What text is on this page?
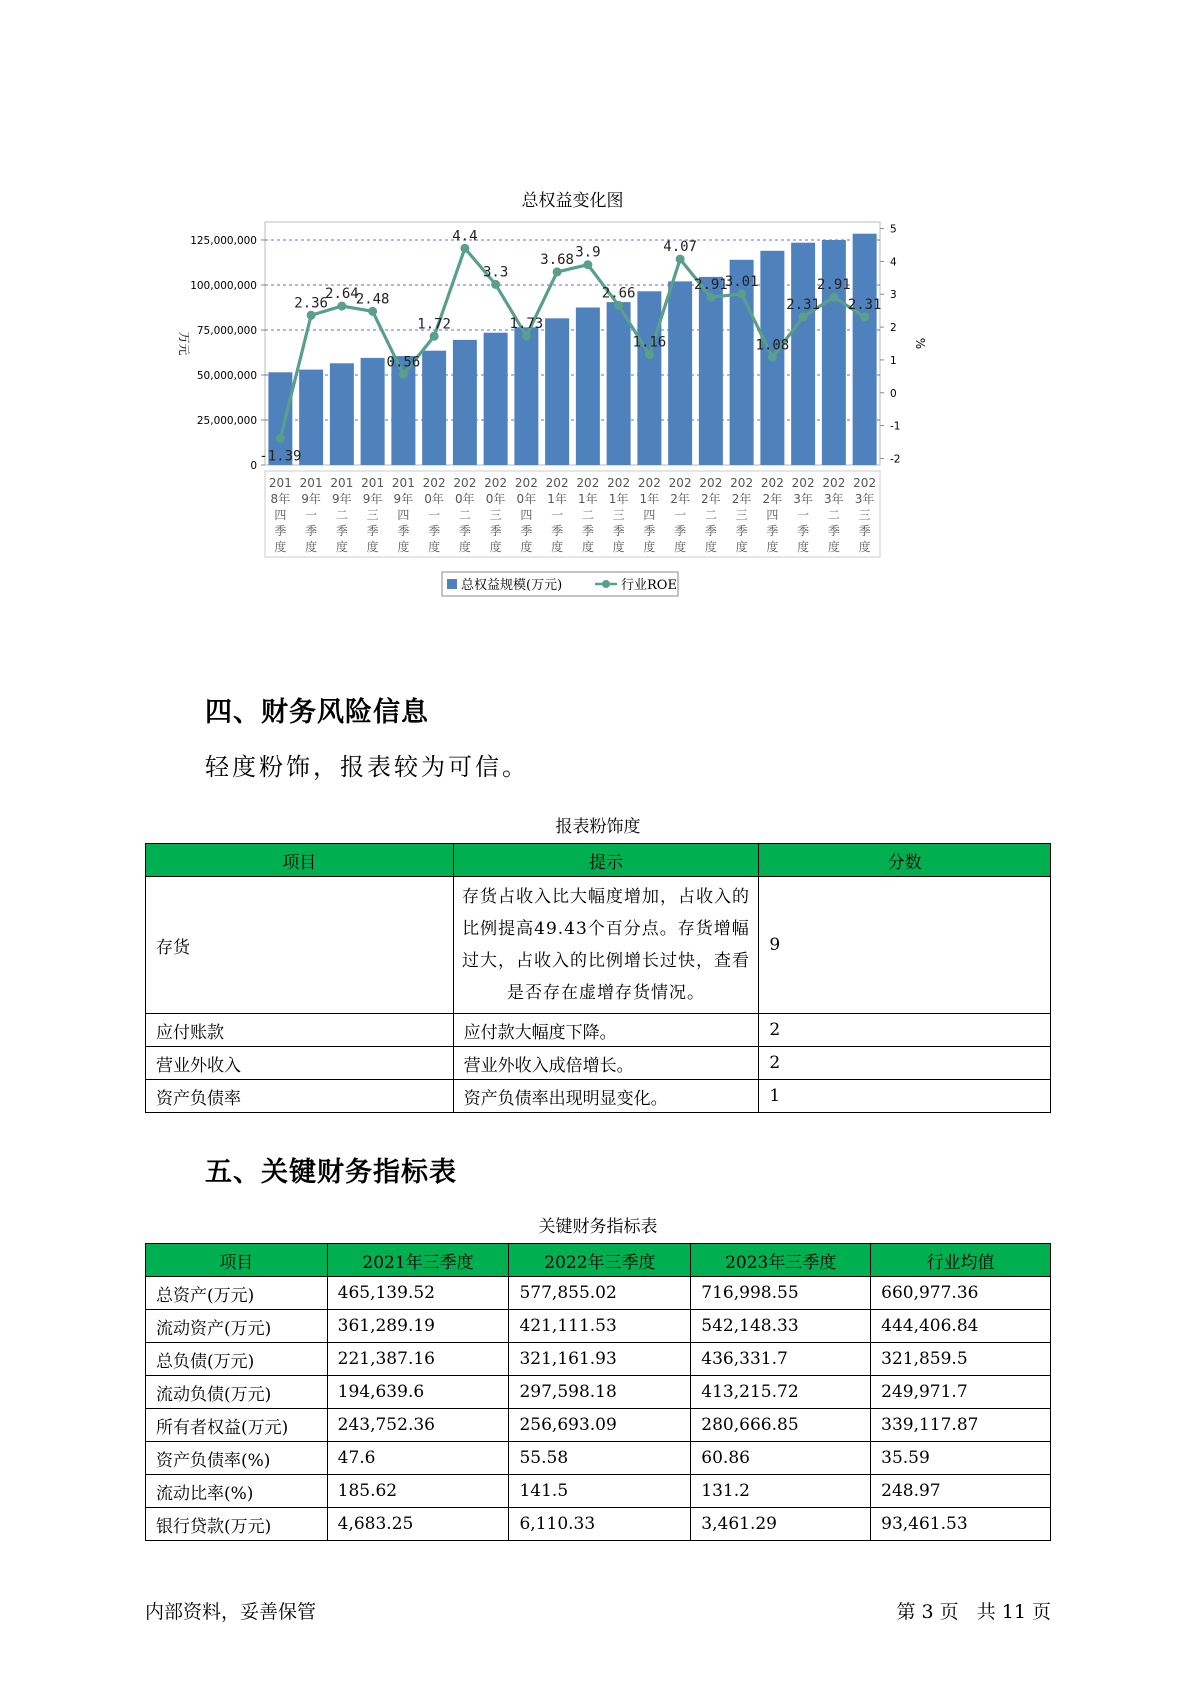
总权益变化图
0
25,000,000
50,000,000
75,000,000
100,000,000
125,000,000
-2
-1
0
1
2
3
4
5
万元	%
201 8年四季度
201 9年一季度
201 9年二季度
201 9年三季度
201 9年四季度
202 0年一季度
202 0年二季度
202 0年三季度
202 0年四季度
202 1年一季度
202 1年二季度
202 1年三季度
202 1年四季度
202 2年一季度
202 2年二季度
202 2年三季度
202 2年四季度
202 3年一季度
202 3年二季度
202 3年三季度
-1.39
2.36
2.64
2.48
0.56
1.72
4.4
3.3
1.73
3.68 3.9
2.66
1.16
4.07
2.91
3.01
1.08
2.31
2.91
2.31
总权益规模(万元)	行业ROE
四、财务风险信息
轻度粉饰，报表较为可信。
报表粉饰度
项目	提示	分数
存货	存货占收入比大幅度增加，占收入的比例提高49.43个百分点。存货增幅过大，占收入的比例增长过快，查看是否存在虚增存货情况。	9
应付账款	应付款大幅度下降。	2
营业外收入	营业外收入成倍增长。	2
资产负债率	资产负债率出现明显变化。	1
五、关键财务指标表
关键财务指标表
项目	2021年三季度	2022年三季度	2023年三季度	行业均值
总资产(万元)	465,139.52	577,855.02	716,998.55	660,977.36
流动资产(万元)	361,289.19	421,111.53	542,148.33	444,406.84
总负债(万元)	221,387.16	321,161.93	436,331.7	321,859.5
流动负债(万元)	194,639.6	297,598.18	413,215.72	249,971.7
所有者权益(万元)	243,752.36	256,693.09	280,666.85	339,117.87
资产负债率(%)	47.6	55.58	60.86	35.59
流动比率(%)	185.62	141.5	131.2	248.97
银行贷款(万元)	4,683.25	6,110.33	3,461.29	93,461.53
内部资料，妥善保管	第 3 页   共 11 页
